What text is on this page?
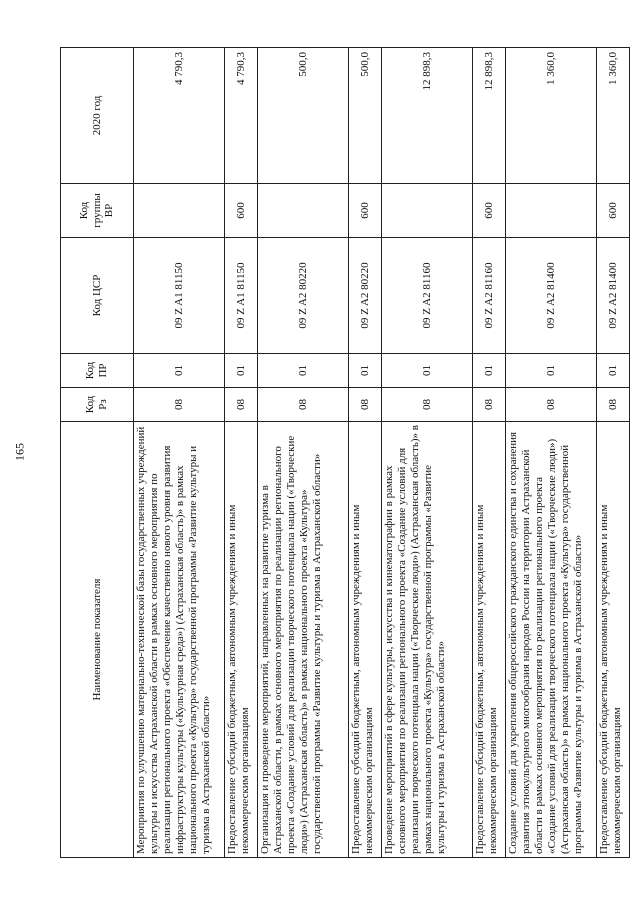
165
Наименование показателя	Код Рз	Код ПР	Код ЦСР	Код группы ВР	2020 год
Мероприятия по улучшению материально-технической базы государственных учреждений культуры и искусства Астраханской области в рамках основного мероприятия по реализации регионального проекта «Обеспечение качественно нового уровня развития инфраструктуры культуры («Культурная среда») (Астраханская область)» в рамках национального проекта «Культура» государственной программы «Развитие культуры и туризма в Астраханской области»	08	01	09 Z A1 81150		4 790,3
Предоставление субсидий бюджетным, автономным учреждениям и иным некоммерческим организациям	08	01	09 Z A1 81150	600	4 790,3
Организация и проведение мероприятий, направленных на развитие туризма в Астраханской области, в рамках основного мероприятия по реализации регионального проекта «Создание условий для реализации творческого потенциала нации («Творческие люди») (Астраханская область)» в рамках национального проекта «Культура» государственной программы «Развитие культуры и туризма в Астраханской области»	08	01	09 Z A2 80220		500,0
Предоставление субсидий бюджетным, автономным учреждениям и иным некоммерческим организациям	08	01	09 Z A2 80220	600	500,0
Проведение мероприятий в сфере культуры, искусства и кинематографии в рамках основного мероприятия по реализации регионального проекта «Создание условий для реализации творческого потенциала нации («Творческие люди») (Астраханская область)» в рамках национального проекта «Культура» государственной программы «Развитие культуры и туризма в Астраханской области»	08	01	09 Z A2 81160		12 898,3
Предоставление субсидий бюджетным, автономным учреждениям и иным некоммерческим организациям	08	01	09 Z A2 81160	600	12 898,3
Создание условий для укрепления общероссийского гражданского единства и сохранения развития этнокультурного многообразия народов России на территории Астраханской области в рамках основного мероприятия по реализации регионального проекта «Создание условий для реализации творческого потенциала нации («Творческие люди») (Астраханская область)» в рамках национального проекта «Культура» государственной программы «Развитие культуры и туризма в Астраханской области»	08	01	09 Z A2 81400		1 360,0
Предоставление субсидий бюджетным, автономным учреждениям и иным некоммерческим организациям	08	01	09 Z A2 81400	600	1 360,0
